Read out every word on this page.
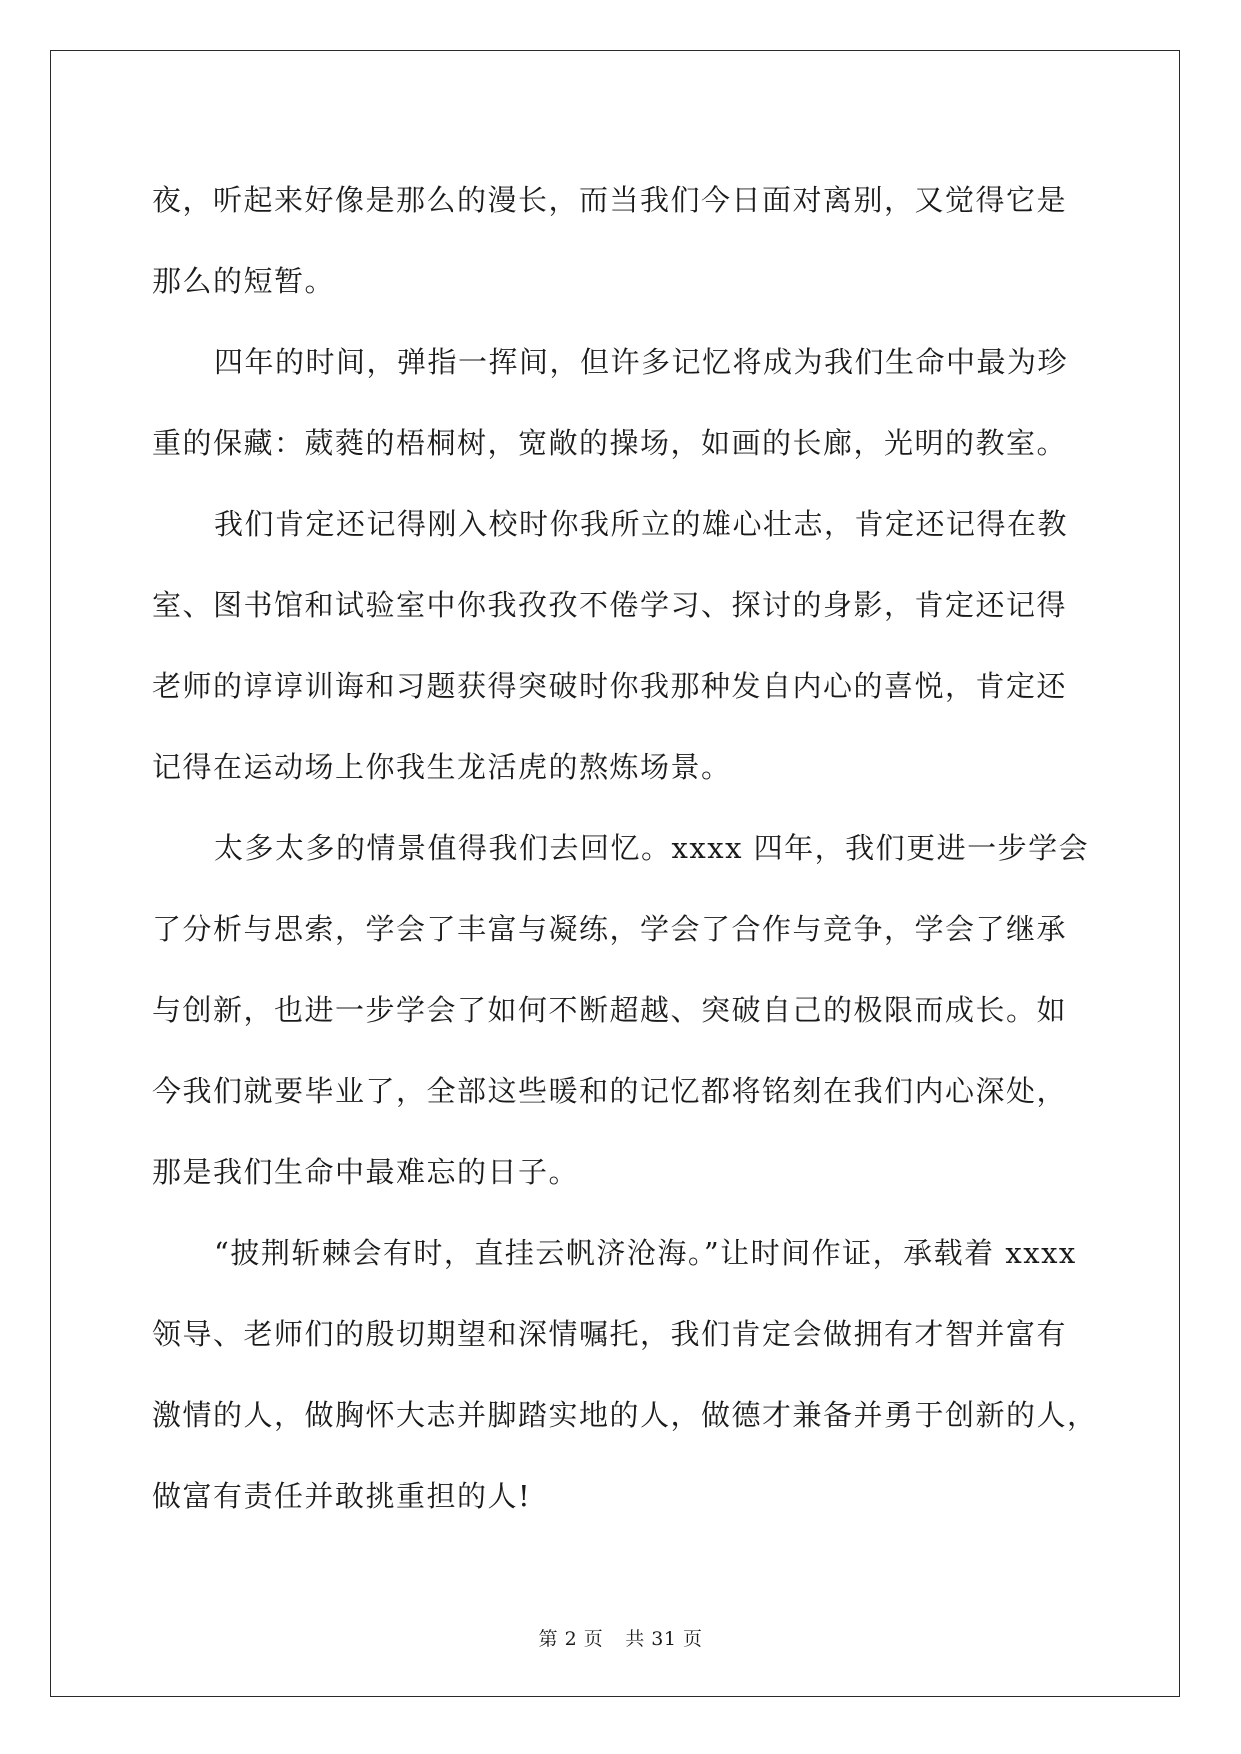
夜，听起来好像是那么的漫长，而当我们今日面对离别，又觉得它是

那么的短暂。

四年的时间，弹指一挥间，但许多记忆将成为我们生命中最为珍

重的保藏：葳蕤的梧桐树，宽敞的操场，如画的长廊，光明的教室。

我们肯定还记得刚入校时你我所立的雄心壮志，肯定还记得在教

室、图书馆和试验室中你我孜孜不倦学习、探讨的身影，肯定还记得

老师的谆谆训诲和习题获得突破时你我那种发自内心的喜悦，肯定还

记得在运动场上你我生龙活虎的熬炼场景。

太多太多的情景值得我们去回忆。xxxx 四年，我们更进一步学会

了分析与思索，学会了丰富与凝练，学会了合作与竞争，学会了继承

与创新，也进一步学会了如何不断超越、突破自己的极限而成长。如

今我们就要毕业了，全部这些暖和的记忆都将铭刻在我们内心深处，

那是我们生命中最难忘的日子。

“披荆斩棘会有时，直挂云帆济沧海。”让时间作证，承载着 xxxx

领导、老师们的殷切期望和深情嘱托，我们肯定会做拥有才智并富有

激情的人，做胸怀大志并脚踏实地的人，做德才兼备并勇于创新的人，

做富有责任并敢挑重担的人!

第 2 页 共 31 页
